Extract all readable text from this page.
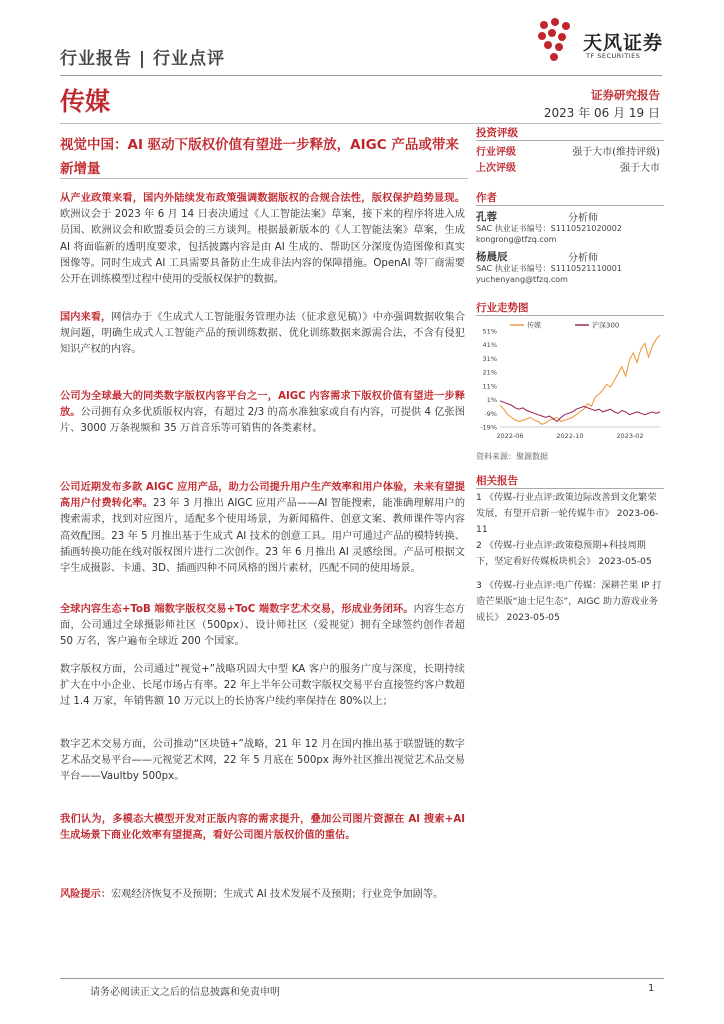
行业报告 | 行业点评
天风证券
TF SECURITIES
传媒	证券研究报告
2023 年 06 月 19 日
视觉中国：AI 驱动下版权价值有望进一步释放，AIGC 产品或带来新增量
从产业政策来看，国内外陆续发布政策强调数据版权的合规合法性，版权保护趋势显现。欧洲议会于 2023 年 6 月 14 日表决通过《人工智能法案》草案，接下来的程序将进入成员国、欧洲议会和欧盟委员会的三方谈判。根据最新版本的《人工智能法案》草案，生成 AI 将面临新的透明度要求，包括披露内容是由 AI 生成的、帮助区分深度伪造图像和真实图像等。同时生成式 AI 工具需要具备防止生成非法内容的保障措施。OpenAI 等厂商需要公开在训练模型过程中使用的受版权保护的数据。
国内来看，网信办于《生成式人工智能服务管理办法（征求意见稿）》中亦强调数据收集合规问题，明确生成式人工智能产品的预训练数据、优化训练数据来源需合法，不含有侵犯知识产权的内容。
公司为全球最大的同类数字版权内容平台之一，AIGC 内容需求下版权价值有望进一步释放。公司拥有众多优质版权内容，有超过 2/3 的高水准独家或自有内容，可提供 4 亿张图片、3000 万条视频和 35 万首音乐等可销售的各类素材。
公司近期发布多款 AIGC 应用产品，助力公司提升用户生产效率和用户体验，未来有望提高用户付费转化率。23 年 3 月推出 AIGC 应用产品——AI 智能搜索，能准确理解用户的搜索需求，找到对应图片，适配多个使用场景，为新闻稿件、创意文案、教师课件等内容高效配图。23 年 5 月推出基于生成式 AI 技术的创意工具。用户可通过产品的模特转换、插画转换功能在线对版权图片进行二次创作。23 年 6 月推出 AI 灵感绘图。产品可根据文字生成摄影、卡通、3D、插画四种不同风格的图片素材，匹配不同的使用场景。
全球内容生态+ToB 端数字版权交易+ToC 端数字艺术交易，形成业务闭环。内容生态方面，公司通过全球摄影师社区（500px）、设计师社区（爱视觉）拥有全球签约创作者超 50 万名，客户遍布全球近 200 个国家。
数字版权方面，公司通过“视觉+”战略巩固大中型 KA 客户的服务广度与深度，长期持续扩大在中小企业、长尾市场占有率。22 年上半年公司数字版权交易平台直接签约客户数超过 1.4 万家，年销售额 10 万元以上的长协客户续约率保持在 80%以上；
数字艺术交易方面，公司推动“区块链+”战略，21 年 12 月在国内推出基于联盟链的数字艺术品交易平台——元视觉艺术网，22 年 5 月底在 500px 海外社区推出视觉艺术品交易平台——Vaultby 500px。
我们认为，多模态大模型开发对正版内容的需求提升，叠加公司图片资源在 AI 搜索+AI 生成场景下商业化效率有望提高，看好公司图片版权价值的重估。
风险提示：宏观经济恢复不及预期；生成式 AI 技术发展不及预期；行业竞争加剧等。
投资评级
行业评级	强于大市(维持评级)
上次评级	强于大市
作者
孔蓉	分析师
SAC 执业证书编号：S1110521020002
kongrong@tfzq.com
杨晨辰	分析师
SAC 执业证书编号：S1110521110001
yuchenyang@tfzq.com
行业走势图
51%
41%
31%
21%
11%
1%
-9%
-19%
2022-06	2022-10	2023-02
传媒	沪深300
资料来源：聚源数据
相关报告
1 《传媒-行业点评:政策边际改善到文化繁荣发展，有望开启新一轮传媒牛市》 2023-06-11
2 《传媒-行业点评:政策稳预期+科技周期下，坚定看好传媒板块机会》 2023-05-05
3 《传媒-行业点评:电广传媒：深耕芒果 IP 打造芒果版“迪士尼生态”，AIGC 助力游戏业务成长》 2023-05-05
请务必阅读正文之后的信息披露和免责申明	1
